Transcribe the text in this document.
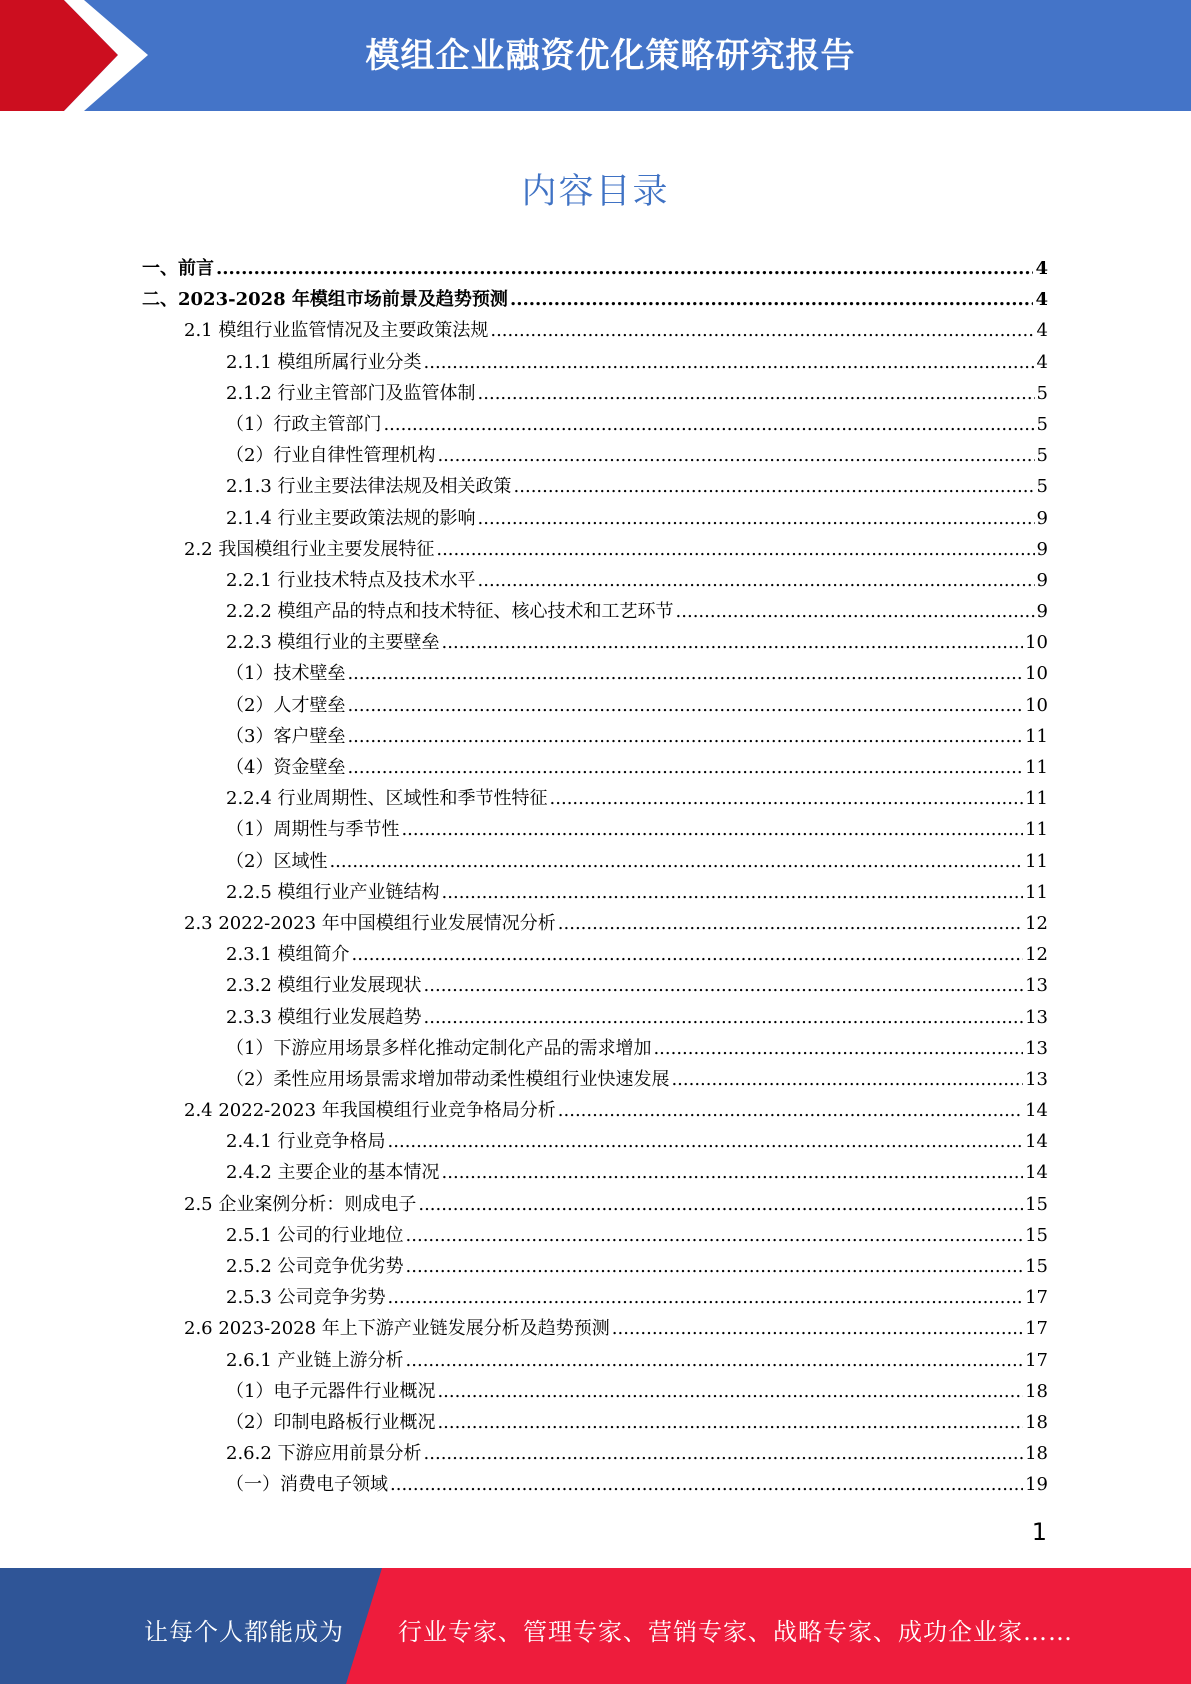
模组企业融资优化策略研究报告
内容目录
一、前言 .....	4
二、2023-2028 年模组市场前景及趋势预测 .....	4
2.1 模组行业监管情况及主要政策法规 .....	4
2.1.1 模组所属行业分类 .....	4
2.1.2 行业主管部门及监管体制 .....	5
（1）行政主管部门 .....	5
（2）行业自律性管理机构 .....	5
2.1.3 行业主要法律法规及相关政策 .....	5
2.1.4 行业主要政策法规的影响 .....	9
2.2 我国模组行业主要发展特征 .....	9
2.2.1 行业技术特点及技术水平 .....	9
2.2.2 模组产品的特点和技术特征、核心技术和工艺环节 .....	9
2.2.3 模组行业的主要壁垒 .....	10
（1）技术壁垒 .....	10
（2）人才壁垒 .....	10
（3）客户壁垒 .....	11
（4）资金壁垒 .....	11
2.2.4 行业周期性、区域性和季节性特征 .....	11
（1）周期性与季节性 .....	11
（2）区域性 .....	11
2.2.5 模组行业产业链结构 .....	11
2.3 2022-2023 年中国模组行业发展情况分析 .....	12
2.3.1 模组简介 .....	12
2.3.2 模组行业发展现状 .....	13
2.3.3 模组行业发展趋势 .....	13
（1）下游应用场景多样化推动定制化产品的需求增加 .....	13
（2）柔性应用场景需求增加带动柔性模组行业快速发展 .....	13
2.4 2022-2023 年我国模组行业竞争格局分析 .....	14
2.4.1 行业竞争格局 .....	14
2.4.2 主要企业的基本情况 .....	14
2.5 企业案例分析：则成电子 .....	15
2.5.1 公司的行业地位 .....	15
2.5.2 公司竞争优劣势 .....	15
2.5.3 公司竞争劣势 .....	17
2.6 2023-2028 年上下游产业链发展分析及趋势预测 .....	17
2.6.1 产业链上游分析 .....	17
（1）电子元器件行业概况 .....	18
（2）印制电路板行业概况 .....	18
2.6.2 下游应用前景分析 .....	18
（一）消费电子领域 .....	19
1
让每个人都能成为 行业专家、管理专家、营销专家、战略专家、成功企业家……
